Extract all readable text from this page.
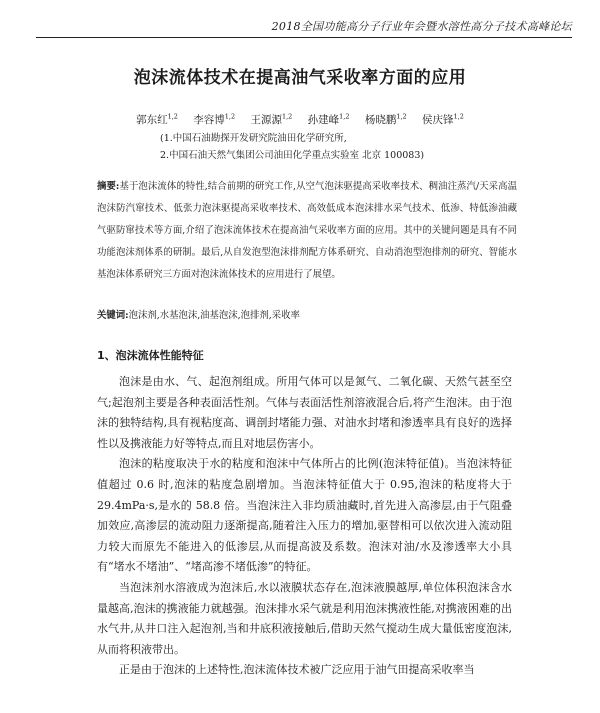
2018全国功能高分子行业年会暨水溶性高分子技术高峰论坛
泡沫流体技术在提高油气采收率方面的应用
郭东红$^{1,2}$ 李容博$^{1,2}$ 王源源$^{1,2}$ 孙建峰$^{1,2}$ 杨晓鹏$^{1,2}$ 侯庆锋$^{1,2}$
(1.中国石油勘探开发研究院油田化学研究所,
2.中国石油天然气集团公司油田化学重点实验室 北京 100083)

摘要:基于泡沫流体的特性,结合前期的研究工作,从空气泡沫驱提高采收率技术、稠油注蒸汽/天采高温泡沫防汽窜技术、低张力泡沫驱提高采收率技术、高效低成本泡沫排水采气技术、低渗、特低渗油藏气驱防窜技术等方面,介绍了泡沫流体技术在提高油气采收率方面的应用。其中的关键问题是具有不同功能泡沫剂体系的研制。最后,从自发泡型泡沫排剂配方体系研究、自动消泡型泡排剂的研究、智能水基泡沫体系研究三方面对泡沫流体技术的应用进行了展望。

关键词:泡沫剂,水基泡沫,油基泡沫,泡排剂,采收率

1、泡沫流体性能特征

泡沫是由水、气、起泡剂组成。所用气体可以是氮气、二氧化碳、天然气甚至空气;起泡剂主要是各种表面活性剂。气体与表面活性剂溶液混合后,将产生泡沫。由于泡沫的独特结构,具有视粘度高、调剖封堵能力强、对油水封堵和渗透率具有良好的选择性以及携液能力好等特点,而且对地层伤害小。

泡沫的粘度取决于水的粘度和泡沫中气体所占的比例(泡沫特征值)。当泡沫特征值超过 0.6 时,泡沫的粘度急剧增加。当泡沫特征值大于 0.95,泡沫的粘度将大于 29.4mPa·s,是水的 58.8 倍。当泡沫注入非均质油藏时,首先进入高渗层,由于气阻叠加效应,高渗层的流动阻力逐渐提高,随着注入压力的增加,驱替相可以依次进入流动阻力较大而原先不能进入的低渗层,从而提高波及系数。泡沫对油/水及渗透率大小具有“堵水不堵油”、“堵高渗不堵低渗”的特征。

当泡沫剂水溶液成为泡沫后,水以液膜状态存在,泡沫液膜越厚,单位体积泡沫含水量越高,泡沫的携液能力就越强。泡沫排水采气就是利用泡沫携液性能,对携液困难的出水气井,从井口注入起泡剂,当和井底积液接触后,借助天然气搅动生成大量低密度泡沫,从而将积液带出。

正是由于泡沫的上述特性,泡沫流体技术被广泛应用于油气田提高采收率当
